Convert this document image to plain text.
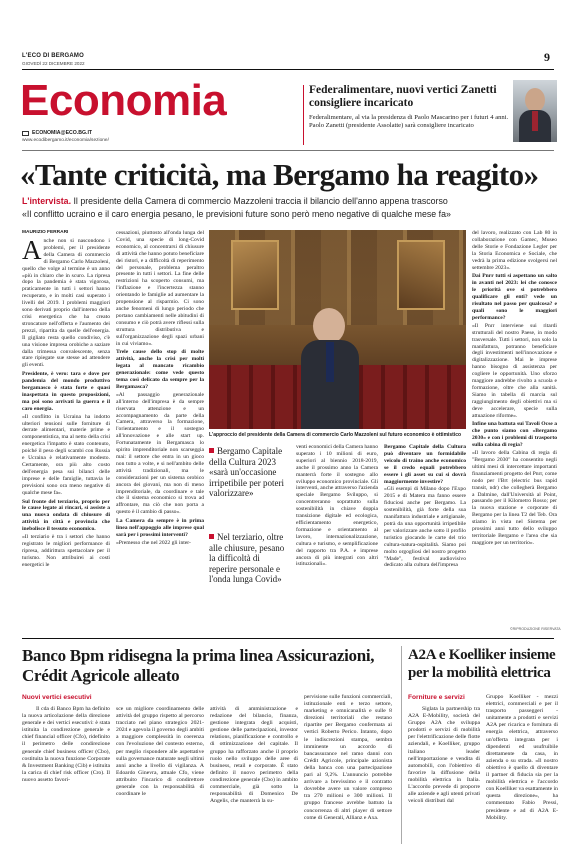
L'ECO DI BERGAMO
GIOVEDÌ 22 DICEMBRE 2022	9
Economia
ECONOMIA@ECO.BG.IT
www.ecodibergamo.it/economia/sezione/
Federalimentare, nuovi vertici Zanetti consigliere incaricato
Federalimentare, al via la presidenza di Paolo Mascarino per i futuri 4 anni. Paolo Zanetti (presidente Assolatte) sarà consigliere incaricato
«Tante criticità, ma Bergamo ha reagito»
L'intervista. Il presidente della Camera di commercio Mazzoleni traccia il bilancio dell'anno appena trascorso
«Il conflitto ucraino e il caro energia pesano, le previsioni future sono però meno negative di qualche mese fa»
MAURIZIO FERRARI

Anche non si nascondono i problemi, per il presidente della Camera di commercio di Bergamo Carlo Mazzoleni, quello che volge al termine è un anno «più in chiaro che in scuro. La ripresa dopo la pandemia è stata vigorosa, praticamente in tutti i settori hanno recuperato, e in molti casi superato i livelli del 2019. I problemi maggiori sono derivati proprio dall'interno della crisi energetica che ha creato stroncature nell'offerta e l'aumento dei prezzi, ripartita da quelle dell'energia. Il gigliato resta quello condiviso, c'è una visione impresa orobiche a saziare dalla trimessa convalescente, senza stare ripiegate sue stesse ad attendere gli eventi.

Presidente, è vero: tara e dove per pandemia del mondo produttivo bergamasco è stata forte e quasi inaspettata in questo proposizioni, ma poi sono arrivati la guerra e il caro energia.

«Il conflitto in Ucraina ha indotto ulteriori tensioni sulle forniture di derrate alimentari, materie prime e componentistica, ma al netto della crisi energetica l'impatto è stato contenuto, poiché il peso degli scambi con Russia e Ucraina è relativamente modesto. Certamente, ora più alto costo dell'energia pesa sui bilanci delle imprese e delle famiglie, tuttavia le previsioni sono ora meno negative di qualche mese fa».

Sul fronte del terziario, proprio per le cause legate ai rincari, si assiste a una nuova ondata di chiusure di attività in città e provincia che inebolisce il tessuto economico.

«Il terziario è tra i settori che hanno registrato le migliori performance di ripresa, addirittura spettacolare per il turismo. Non attribuirei ai costi energetici le

cessazioni, piuttosto all'onda lunga del Covid, una specie di long-Covid economico, al concentrarsi di chiusure di attività che hanno potuto beneficiare dei ristori, e a difficoltà di reperimento del personale, problema peraltro presente in tutti i settori. La fine delle restrizioni ha scoperto consumi, ma l'inflazione e l'incertezza stanno orientando le famiglie ad aumentare la propensione al risparmio. Ci sono anche fenomeni di lungo periodo che portano cambiamenti nelle abitudini di consumo e ciò potrà avere riflessi sulla struttura distributiva e sull'organizzazione degli spazi urbani in cui viviamo».

Trele cause dello stop di molte attività, anche la crisi per molti legata al mancato ricambio generazionale: come vede questo tema così delicato da sempre per la Bergamasca?

«Al passaggio generazionale all'interno dell'impresa è da sempre riservata attenzione e un accompagnamento da parte della Camera, attraverso la formazione, l'orientamento e il sostegno all'innovazione e alle start up. Fortunatamente in Bergamasca lo spirito imprenditoriale non scarseggia mai: il settore che entra in un gioco non tutto a volte, e si nell'ambito delle attività tradizionali, ma le considerazioni per un sistema orobico ancora dei giovani, ma non di meno imprenditoriale, da coordinare e tale che il sistema economico si trova ad affrontare, ma ciò che non porta a questo è il cambio di passo».

La Camera da sempre è in prima linea nell'appoggio alle imprese qual sarà per i prossimi interventi?

«Premesso che nel 2022 gli inter-

L'approccio del presidente della Camera di commercio Carlo Mazzoleni sul futuro economico è ottimistico
Bergamo Capitale della Cultura 2023 «sarà un'occasione irripetibile per poteri valorizzare»
Nel terziario, oltre alle chiusure, pesano la difficoltà di reperire personale e l'onda lunga Covid»

venti economici della Camera hanno superato i 10 milioni di euro, superiori al biennio 2018-2019, anche il prossimo anno la Camera manterrà forte il sostegno allo sviluppo economico provinciale. Gli interventi, anche attraverso l'azienda speciale Bergamo Sviluppo, si concentreranno soprattutto sulla sostenibilità in chiave doppia transizione digitale ed ecologica, efficientamento energetico, formazione e orientamento al lavoro, internazionalizzazione, cultura e turismo, e semplificazione del rapporto tra P.A. e imprese ancora di più integrati con altri istituzionali».

Bergamo Capitale della Cultura può diventare un formidabile veicolo di traino anche economico se il credo equali potrebbero essere i gli asset su cui si dovrà maggiormente investire?

«Gli esempi di Milano dopo l'Expo 2015 e di Matera ma fanno essere fiduciosi anche per Bergamo. La sostenibilità, già forte della sua manifattura industriale e artigianale, potrà da una opportunità irripetibile per valorizzare anche sotto il profilo turistico giocando le carte del trio cultura-natura-ospitalità. Siamo poi molto orgogliosi del nostro progetto "Made", festival audiovisivo dedicato alla cultura dell'impresa

del lavoro, realizzato con Lab 80 in collaborazione con Gamec, Museo delle Storie e Fondazione Legler per la Storia Economica e Sociale, che vedrà la prima edizione svolgersi nel settembre 2023».

Dai Pnrr tutti si aspettano un salto in avanti nel 2023: lei che conosce le priorità ove si potrebbero qualificare gli enti? vede un risultato nel passo per qualcosa? e quali sono le maggiori performance?

«Il Pnrr interviene sui ritardi strutturali del nostro Paese, in modo trasversale. Tutti i settori, non solo la manifattura, potranno beneficiare degli investimenti nell'innovazione e digitalizzazione. Mai le imprese hanno bisogno di assistenza per cogliere le opportunità. Uno sforzo maggiore andrebbe rivolto a scuola e formazione, oltre che alla sanità. Siamo in tabella di marcia sul raggiungimento degli obiettivi ma si deve accelerare, specie sulla attuazione riforme».

Infine una battuta sui Tavoli Ocse a che punto siamo con «Bergamo 2030» e con i problemi di trasporto sulla cabina di regia?

«Il lavoro della Cabina di regia di "Bergamo 2030" ha consentito negli ultimi mesi di intercettare importanti finanziamenti progetto del Pnrr, come nodo per l'Brt (electric bus rapid transit, ndr) che collegherà Bergamo a Dalmine, dall'Università al Point, passando per il Kilometro Rosso; per la nuova stazione e corporate di Bergamo per la linea T2 del Teb. Ora stiamo in vista nel Sistema per prossimi anni tutto dello sviluppo territoriale Bergamo e l'area che sia maggiore per un territorio».

©RIPRODUZIONE RISERVATA
Banco Bpm ridisegna la prima linea Assicurazioni, Crédit Agricole alleato
Nuovi vertici esecutivi

Il cda di Banco Bpm ha definito la nuova articolazione della direzione generale e dei vertici esecutivi: è stata istituita la condirezione generale e chief financial officer (Cfo), ridefinito il perimetro delle condirezione generale chief business officer (Cbo), costituita la nuova funzione Corporate & Investment Banking (Cib) e istituita la carica di chief risk officer (Cro). Il nuovo assetto favori-

sce un migliore coordinamento delle attività del gruppo rispetto al percorso tracciato nel piano strategico 2021-2024 e agevola il governo degli ambiti a maggiore complessità in coerenza con l'evoluzione del contesto esterno, per meglio rispondere alle aspettative sulla governance maturate negli ultimi anni anche a livello di vigilanza. A Edoardo Ginevra, attuale Cfo, viene attribuito l'incarico di condirettore generale con la responsabilità di coordinare le

attività di amministrazione e redazione del bilancio, finanza, gestione integrata degli acquisti, gestione delle partecipazioni, investor relations, pianificazione e controllo e di ottimizzazione del capitale. Il gruppo ha rafforzato anche il proprio ruolo nello sviluppo delle aree di business, retail e corporate. È stato definito il nuovo perimetro della condirezione generale (Cbo) in ambito commerciale, già sotto la responsabilità di Domenico De Angelis, che manterrà la su-

pervisione sulle funzioni commerciali, istituzionale enti e terzo settore, marketing e omnicanalità e sulle 8 direzioni territoriali che restano ripartite per Bergamo confermata ai vertici Roberto Perico. Intanto, dopo le indiscrezioni stampa, sembra imminente un accordo di bancassurance nel ramo danni con Crédit Agricole, principale azionista della banca con una partecipazione pari al 9,2%. L'annuncio potrebbe arrivare a brevissimo e il contratto dovrebbe avere un valore compreso tra 270 milioni e 300 milioni. Il gruppo francese avrebbe battuto la concorrenza di altri player di settore come di Generali, Allianz e Axa.

A2A e Koelliker insieme per la mobilità elettrica
Forniture e servizi

Siglata la partnership tra A2A E-Mobility, società del Gruppo A2A che sviluppa prodotti e servizi di mobilità per l'elettrificazione delle flotte aziendali, e Koelliker, gruppo italiano leader nell'importazione e vendita di automobili, con l'obiettivo di favorire la diffusione della mobilità elettrica in Italia. L'accordo prevede di proporre alle aziende e agli utenti privati veicoli distributi dal

Gruppo Koelliker - mezzi elettrici, commerciali e per il trasporto passeggeri - unitamente a prodotti e servizi A2A per ricarica e fornitura di energia elettrica, attraverso un'offerta integrata per i dipendenti ed usufruibile direttamente da casa, in azienda o su strada. «Il nostro obiettivo è quello di diventare il partner di fiducia sia per la mobilità elettrica e l'accordo con Koelliker va esattamente in questa direzione», ha commentato Fabio Pressi, presidente e ad di A2A E-Mobility.
